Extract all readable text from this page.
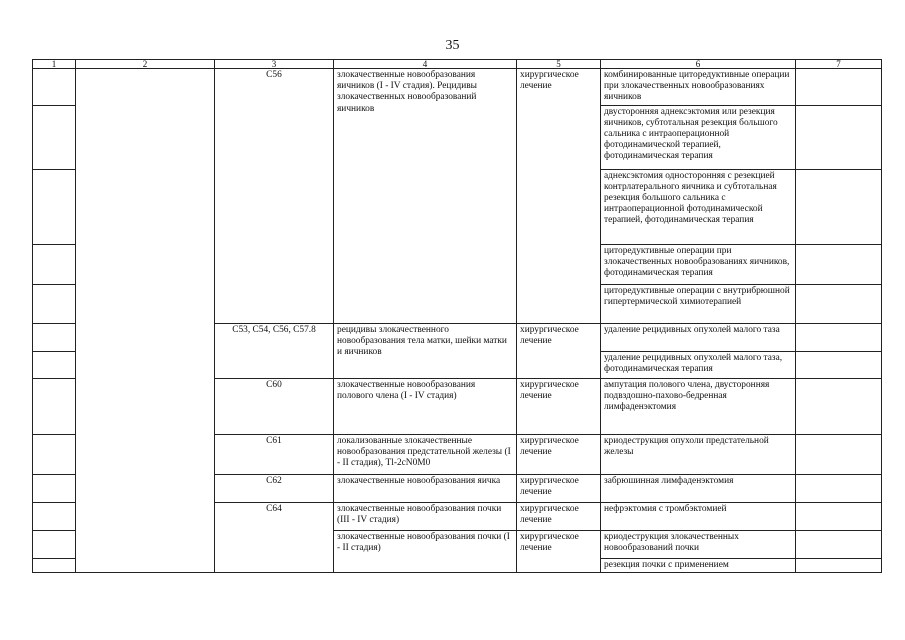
35
1	2	3	4	5	6	7
		C56	злокачественные новообразования яичников (I - IV стадия). Рецидивы злокачественных новообразований яичников	хирургическое лечение	комбинированные циторедуктивные операции при злокачественных новообразованиях яичников	
					двусторонняя аднексэктомия или резекция яичников, субтотальная резекция большого сальника с интраоперационной фотодинамической терапией, фотодинамическая терапия	
					аднексэктомия односторонняя с резекцией контрлатерального яичника и субтотальная резекция большого сальника с интраоперационной фотодинамической терапией, фотодинамическая терапия	
					циторедуктивные операции при злокачественных новообразованиях яичников, фотодинамическая терапия	
					циторедуктивные операции с внутрибрюшной гипертермической химиотерапией	
		C53, C54, C56, C57.8	рецидивы злокачественного новообразования тела матки, шейки матки и яичников	хирургическое лечение	удаление рецидивных опухолей малого таза	
					удаление рецидивных опухолей малого таза, фотодинамическая терапия	
		C60	злокачественные новообразования полового члена (I - IV стадия)	хирургическое лечение	ампутация полового члена, двусторонняя подвздошно-пахово-бедренная лимфаденэктомия	
		C61	локализованные злокачественные новообразования предстательной железы (I - II стадия), Tl-2cN0M0	хирургическое лечение	криодеструкция опухоли предстательной железы	
		C62	злокачественные новообразования яичка	хирургическое лечение	забрюшинная лимфаденэктомия	
		C64	злокачественные новообразования почки (III - IV стадия)	хирургическое лечение	нефрэктомия с тромбэктомией	
			злокачественные новообразования почки (I - II стадия)	хирургическое лечение	криодеструкция злокачественных новообразований почки	
					резекция почки с применением	
